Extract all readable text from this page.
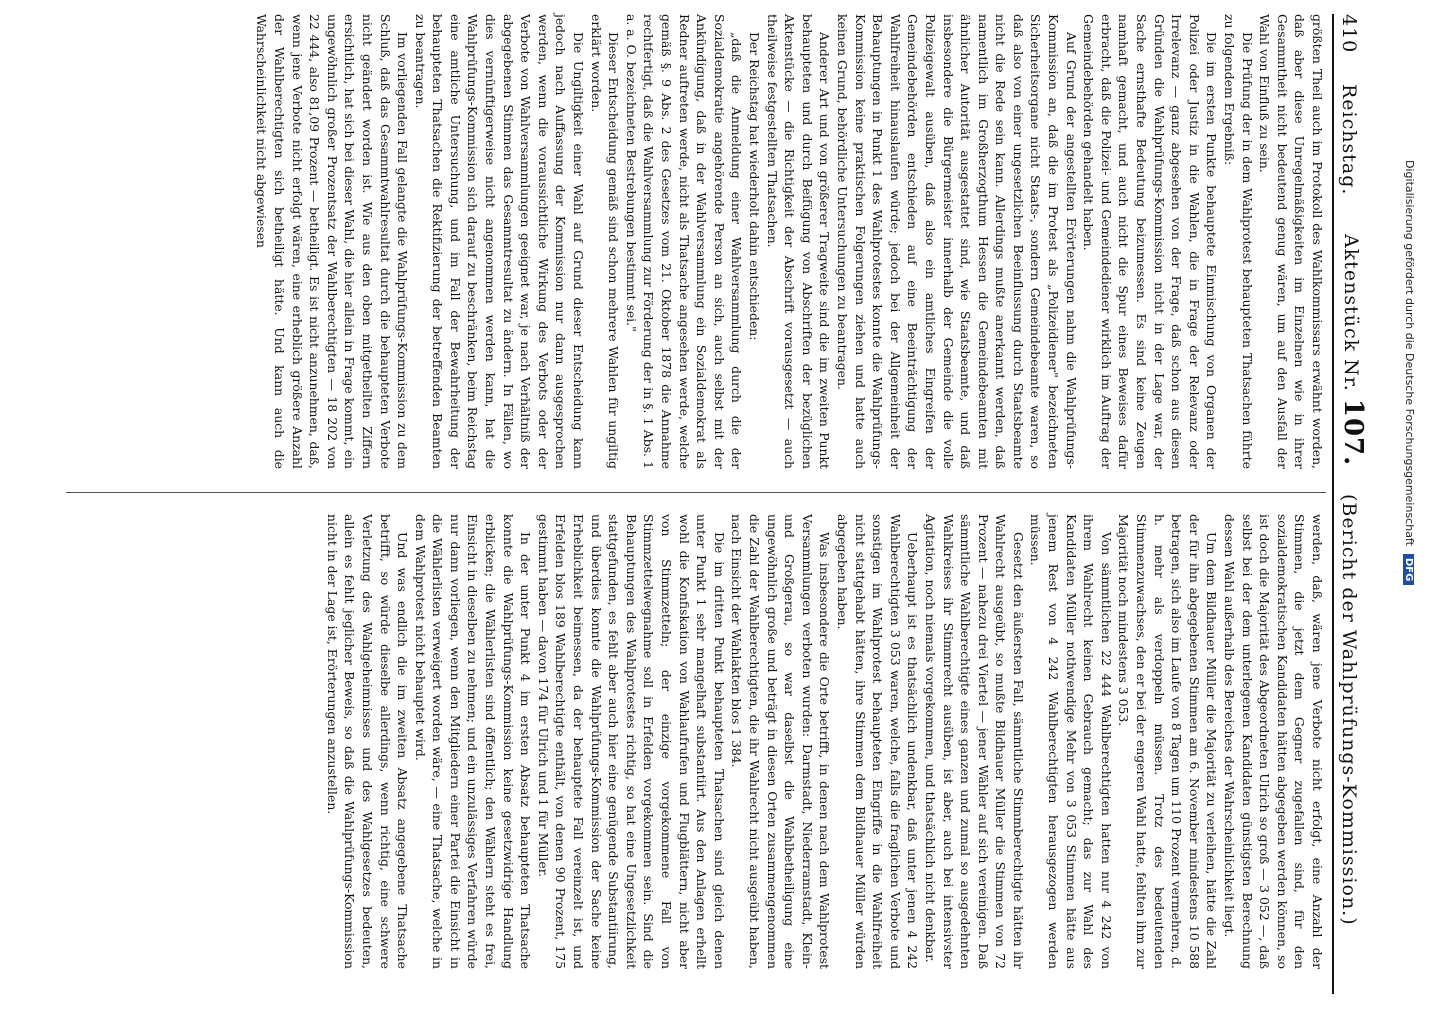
410
Reichstag.
Aktenstück Nr. 107.
(Bericht der Wahlprüfungs-Kommission.)

größten Theil auch im Protokoll des Wahlkommissars erwähnt worden, daß aber diese Unregelmäßigkeiten im Einzelnen wie in ihrer Gesammtheit nicht bedeutend genug wären, um auf den Ausfall der Wahl von Einfluß zu sein.

Die Prüfung der in dem Wahlprotest behaupteten Thatsachen führte zu folgendem Ergebniß:

Die im ersten Punkte behauptete Einmischung von Organen der Polizei oder Justiz in die Wahlen, die in Frage der Relevanz oder Irrelevanz — ganz abgesehen von der Frage, daß schon aus diesen Gründen die Wahlprüfungs-Kommission nicht in der Lage war, der Sache ernsthafte Bedeutung beizumessen. Es sind keine Zeugen namhaft gemacht, und auch nicht die Spur eines Beweises dafür erbracht, daß die Polizei- und Gemeindediener wirklich im Auftrag der Gemeindebehörden gehandelt haben.

Auf Grund der angestellten Erörterungen nahm die Wahlprüfungs-Kommission an, daß die im Protest als „Polizeidiener" bezeichneten Sicherheitsorgane nicht Staats-, sondern Gemeindebeamte waren, so daß also von einer ungesetzlichen Beeinflussung durch Staatsbeamte nicht die Rede sein kann. Allerdings mußte anerkannt werden, daß namentlich im Großherzogthum Hessen die Gemeindebeamten mit ähnlicher Autorität ausgestattet sind, wie Staatsbeamte, und daß insbesondere die Bürgermeister innerhalb der Gemeinde die volle Polizeigewalt ausüben, daß also ein amtliches Eingreifen der Gemeindebehörden entschieden auf eine Beeinträchtigung der Wahlfreiheit hinauslaufen würde; jedoch bei der Allgemeinheit der Behauptungen in Punkt 1 des Wahlprotestes konnte die Wahlprüfungs-Kommission keine praktischen Folgerungen ziehen und hatte auch keinen Grund, behördliche Untersuchungen zu beantragen.

Anderer Art und von größerer Tragweite sind die im zweiten Punkt behaupteten und durch Beifügung von Abschriften der bezüglichen Aktenstücke — die Richtigkeit der Abschrift vorausgesetzt — auch theilweise festgestellten Thatsachen.

Der Reichstag hat wiederholt dahin entschieden:

„daß die Anmeldung einer Wahlversammlung durch die der Sozialdemokratie angehörende Person an sich, auch selbst mit der Ankündigung, daß in der Wahlversammlung ein Sozialdemokrat als Redner auftreten werde, nicht als Thatsache angesehen werde, welche gemäß §. 9 Abs. 2 des Gesetzes vom 21. Oktober 1878 die Annahme rechtfertigt, daß die Wahlversammlung zur Förderung der in §. 1 Abs. 1 a. a. O. bezeichneten Bestrebungen bestimmt sei."

Dieser Entscheidung gemäß sind schon mehrere Wahlen für ungiltig erklärt worden.

Die Ungiltigkeit einer Wahl auf Grund dieser Entscheidung kann jedoch nach Auffassung der Kommission nur dann ausgesprochen werden, wenn die voraussichtliche Wirkung des Verbots oder der Verbote von Wahlversammlungen geeignet war, je nach Verhältniß der abgegebenen Stimmen das Gesammtresultat zu ändern. In Fällen, wo dies vernünftigerweise nicht angenommen werden kann, hat die Wahlprüfungs-Kommission sich darauf zu beschränken, beim Reichstag eine amtliche Untersuchung, und im Fall der Bewahrheitung der behaupteten Thatsachen die Rektifizierung der betreffenden Beamten zu beantragen.

Im vorliegenden Fall gelangte die Wahlprüfungs-Kommission zu dem Schluß, daß das Gesammtwahlresultat durch die behaupteten Verbote nicht geändert worden ist. Wie aus den oben mitgetheilten Ziffern ersichtlich, hat sich bei dieser Wahl, die hier allein in Frage kommt, ein ungewöhnlich großer Prozentsatz der Wahlberechtigten — 18 202 von 22 444, also 81,09 Prozent — betheiligt. Es ist nicht anzunehmen, daß, wenn jene Verbote nicht erfolgt wären, eine erheblich größere Anzahl der Wahlberechtigten sich betheiligt hätte. Und kann auch die Wahrscheinlichkeit nicht abgewiesen

werden, daß, wären jene Verbote nicht erfolgt, eine Anzahl der Stimmen, die jetzt dem Gegner zugefallen sind, für den sozialdemokratischen Kandidaten hätten abgegeben werden können, so ist doch die Majorität des Abgeordneten Ulrich so groß — 3 052 —, daß selbst bei der dem unterlegenen Kandidaten günstigsten Berechnung dessen Wahl außerhalb des Bereiches der Wahrscheinlichkeit liegt.

Um dem Bildhauer Müller die Majorität zu verleihen, hätte die Zahl der für ihn abgegebenen Stimmen am 6. November mindestens 10 588 betragen, sich also im Laufe von 8 Tagen um 110 Prozent vermehren, d. h. mehr als verdoppeln müssen. Trotz des bedeutenden Stimmenzuwachses, den er bei der engeren Wahl hatte, fehlten ihm zur Majorität noch mindestens 3 053.

Von sämmtlichen 22 444 Wahlberechtigten hatten nur 4 242 von ihrem Wahlrecht keinen Gebrauch gemacht; das zur Wahl des Kandidaten Müller nothwendige Mehr von 3 053 Stimmen hätte aus jenem Rest von 4 242 Wahlberechtigten herausgezogen werden müssen.

Gesetzt den äußersten Fall, sämmtliche Stimmberechtigte hätten ihr Wahlrecht ausgeübt, so mußte Bildhauer Müller die Stimmen von 72 Prozent — nahezu drei Viertel — jener Wähler auf sich vereinigen. Daß sämmtliche Wahlberechtigte eines ganzen und zumal so ausgedehnten Wahlkreises ihr Stimmrecht ausüben, ist aber, auch bei intensivster Agitation, noch niemals vorgekommen, und thatsächlich nicht denkbar.

Ueberhaupt ist es thatsächlich undenkbar, daß unter jenen 4 242 Wahlberechtigten 3 053 waren, welche, falls die fraglichen Verbote und sonstigen im Wahlprotest behaupteten Eingriffe in die Wahlfreiheit nicht stattgehabt hätten, ihre Stimmen dem Bildhauer Müller würden abgegeben haben.

Was insbesondere die Orte betrifft, in denen nach dem Wahlprotest Versammlungen verboten wurden: Darmstadt, Niederramstadt, Klein- und Großgerau, so war daselbst die Wahlbetheiligung eine ungewöhnlich große und beträgt in diesen Orten zusammengenommen die Zahl der Wahlberechtigten, die ihr Wahlrecht nicht ausgeübt haben, nach Einsicht der Wahlakten blos 1 384.

Die im dritten Punkt behaupteten Thatsachen sind gleich denen unter Punkt 1 sehr mangelhaft substantiirt. Aus den Anlagen erhellt wohl die Konfiskation von Wahlaufrufen und Flugblättern, nicht aber von Stimmzetteln; der einzige vorgekommene Fall von Stimmzettelwegnahme soll in Erfelden vorgekommen sein. Sind die Behauptungen des Wahlprotestes richtig, so hat eine Ungesetzlichkeit stattgefunden, es fehlt aber auch hier eine genügende Substantiirung, und überdies konnte die Wahlprüfungs-Kommission der Sache keine Erheblichkeit beimessen, da der behauptete Fall vereinzelt ist, und Erfelden blos 189 Wahlberechtigte enthält, von denen 90 Prozent, 175 gestimmt haben — davon 174 für Ulrich und 1 für Müller.

In der unter Punkt 4 im ersten Absatz behaupteten Thatsache konnte die Wahlprüfungs-Kommission keine gesetzwidrige Handlung erblicken; die Wählerlisten sind öffentlich; den Wählern steht es frei, Einsicht in dieselben zu nehmen; und ein unzulässiges Verfahren würde nur dann vorliegen, wenn den Mitgliedern einer Partei die Einsicht in die Wählerlisten verweigert worden wäre, — eine Thatsache, welche in dem Wahlprotest nicht behauptet wird.

Und was endlich die im zweiten Absatz angegebene Thatsache betrifft, so würde dieselbe allerdings, wenn richtig, eine schwere Verletzung des Wahlgeheimnisses und des Wahlgesetzes bedeuten, allein es fehlt jeglicher Beweis, so daß die Wahlprüfungs-Kommission nicht in der Lage ist, Erörterungen anzustellen.

Digitalisierung gefördert durch die Deutsche ForschungsgemeinschaftDFG
